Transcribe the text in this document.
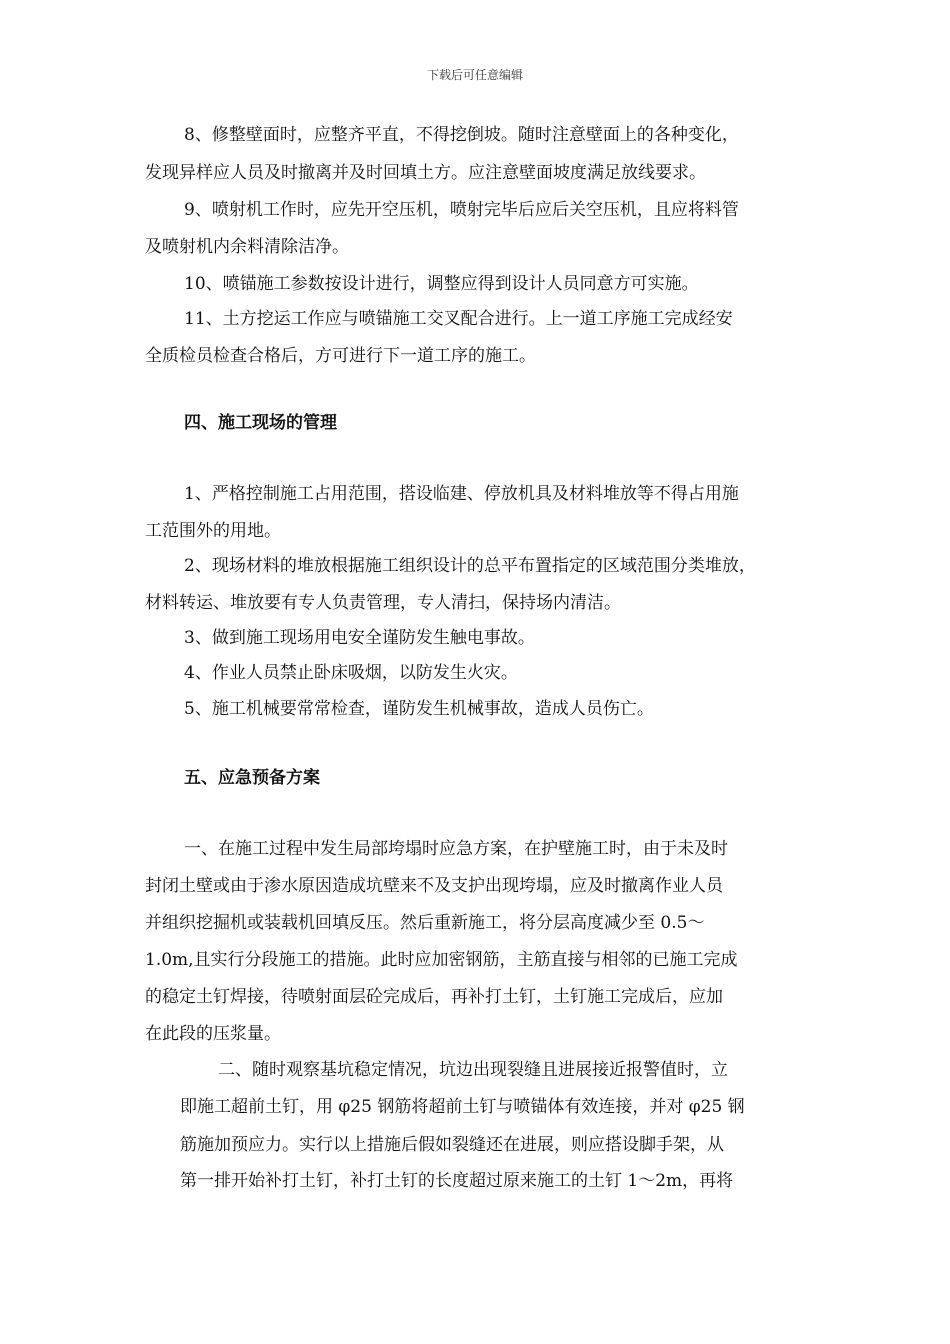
下载后可任意编辑
8、修整壁面时，应整齐平直，不得挖倒坡。随时注意壁面上的各种变化，
发现异样应人员及时撤离并及时回填土方。应注意壁面坡度满足放线要求。
9、喷射机工作时，应先开空压机，喷射完毕后应后关空压机，且应将料管
及喷射机内余料清除洁净。
10、喷锚施工参数按设计进行，调整应得到设计人员同意方可实施。
11、土方挖运工作应与喷锚施工交叉配合进行。上一道工序施工完成经安
全质检员检查合格后，方可进行下一道工序的施工。
四、施工现场的管理
1、严格控制施工占用范围，搭设临建、停放机具及材料堆放等不得占用施
工范围外的用地。
2、现场材料的堆放根据施工组织设计的总平布置指定的区域范围分类堆放，
材料转运、堆放要有专人负责管理，专人清扫，保持场内清洁。
3、做到施工现场用电安全谨防发生触电事故。
4、作业人员禁止卧床吸烟，以防发生火灾。
5、施工机械要常常检查，谨防发生机械事故，造成人员伤亡。
五、应急预备方案
一、在施工过程中发生局部垮塌时应急方案，在护壁施工时，由于未及时
封闭土壁或由于渗水原因造成坑壁来不及支护出现垮塌，应及时撤离作业人员
并组织挖掘机或装载机回填反压。然后重新施工，将分层高度减少至 0.5～
1.0m,且实行分段施工的措施。此时应加密钢筋，主筋直接与相邻的已施工完成
的稳定土钉焊接，待喷射面层砼完成后，再补打土钉，土钉施工完成后，应加
在此段的压浆量。
二、随时观察基坑稳定情况，坑边出现裂缝且进展接近报警值时，立
即施工超前土钉，用 φ25 钢筋将超前土钉与喷锚体有效连接，并对 φ25 钢
筋施加预应力。实行以上措施后假如裂缝还在进展，则应搭设脚手架，从
第一排开始补打土钉，补打土钉的长度超过原来施工的土钉 1～2m，再将
